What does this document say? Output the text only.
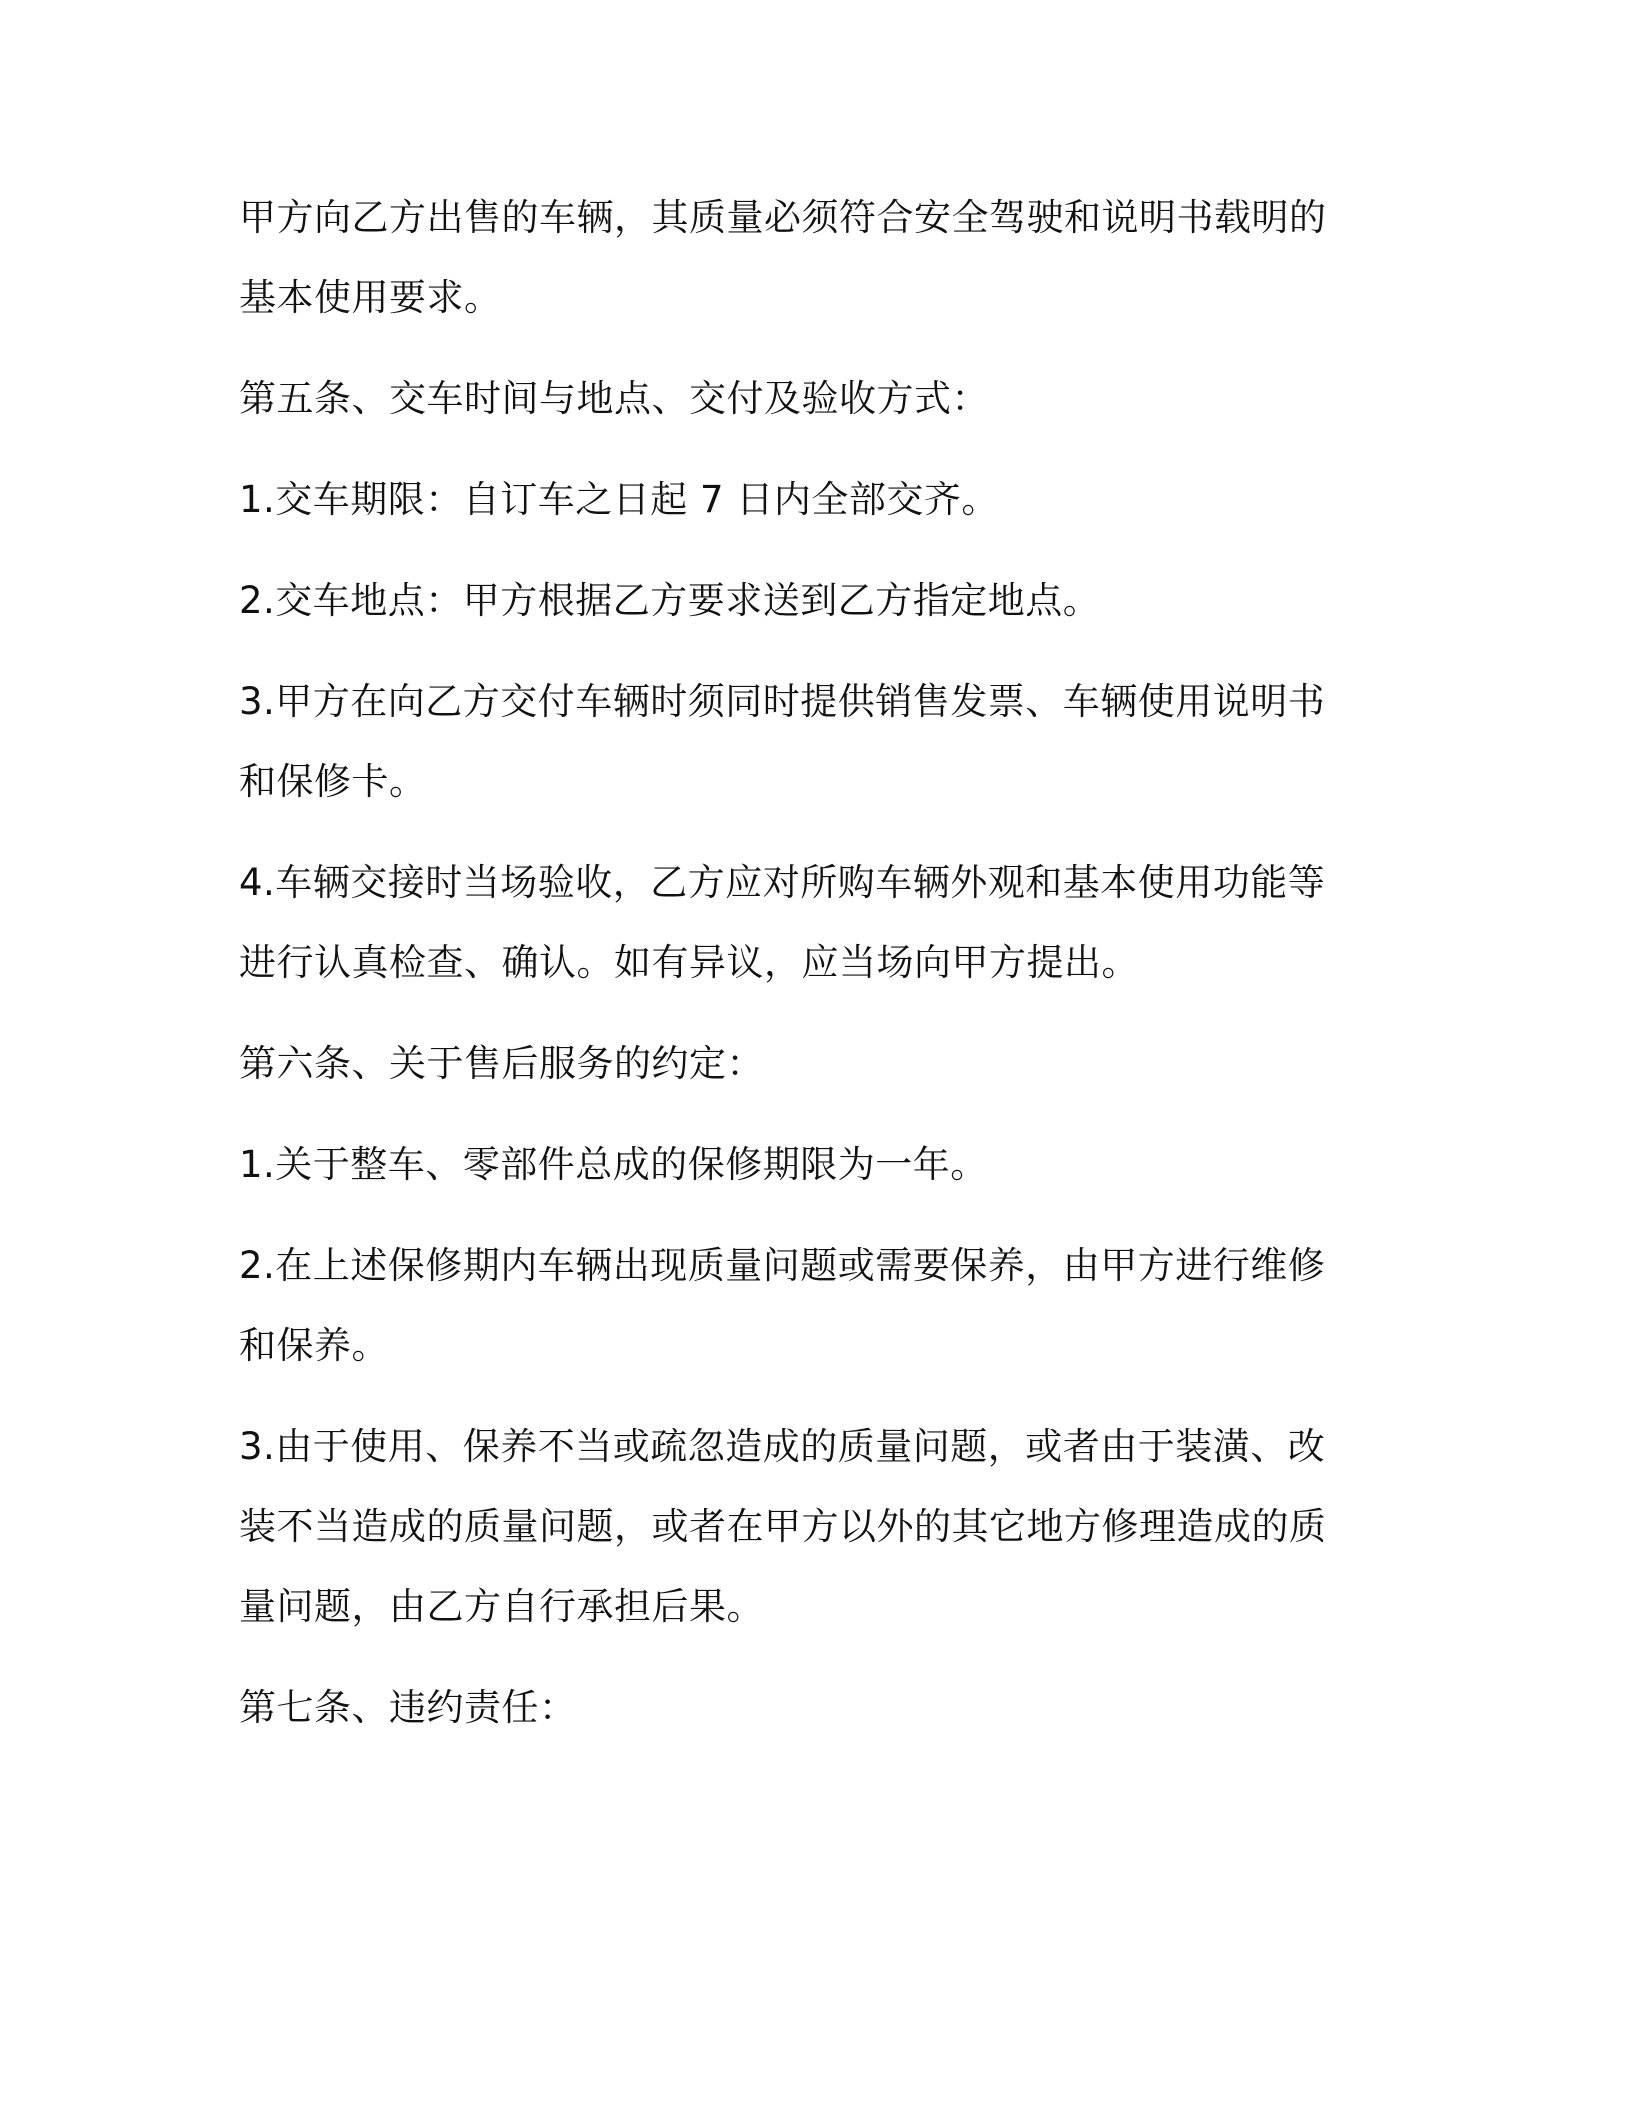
甲方向乙方出售的车辆，其质量必须符合安全驾驶和说明书载明的基本使用要求。

第五条、交车时间与地点、交付及验收方式：

1.交车期限：自订车之日起 7 日内全部交齐。

2.交车地点：甲方根据乙方要求送到乙方指定地点。

3.甲方在向乙方交付车辆时须同时提供销售发票、车辆使用说明书和保修卡。

4.车辆交接时当场验收，乙方应对所购车辆外观和基本使用功能等进行认真检查、确认。如有异议，应当场向甲方提出。

第六条、关于售后服务的约定：

1.关于整车、零部件总成的保修期限为一年。

2.在上述保修期内车辆出现质量问题或需要保养，由甲方进行维修和保养。

3.由于使用、保养不当或疏忽造成的质量问题，或者由于装潢、改装不当造成的质量问题，或者在甲方以外的其它地方修理造成的质量问题，由乙方自行承担后果。

第七条、违约责任：
